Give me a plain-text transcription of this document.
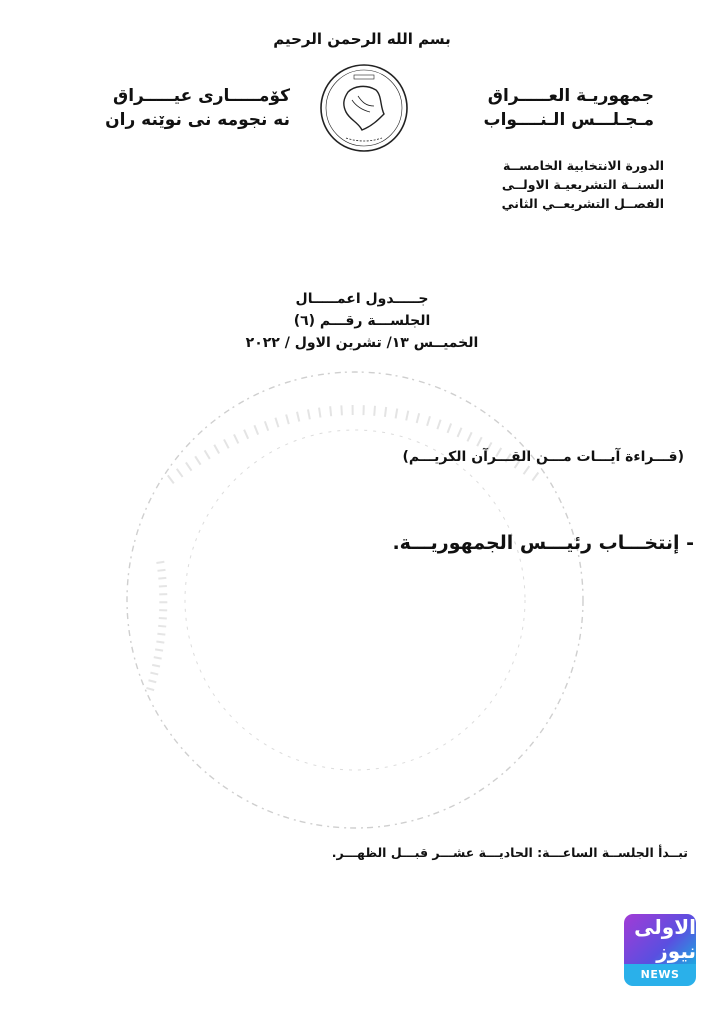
بسم الله الرحمن الرحيم
جمهوريـة العـــــراق
مـجـلـــس الـنــــواب
كۆمـــــارى عيـــــراق
نه نجومه نى نوێنه ران
الدورة الانتخابية الخامســة
السنــة التشريعيـة الاولــى
الفصــل التشريعــي الثاني
جـــــدول اعمـــــال
الجلســـة رقـــم (٦)
الخميــس ١٣/ تشرين الاول / ٢٠٢٢
(قـــراءة آيـــات مـــن القـــرآن الكريـــم)
- إنتخـــاب رئيـــس الجمهوريـــة.
تبــدأ الجلســة الساعـــة: الحاديـــة عشـــر قبـــل الظهـــر.
الاولى نيوز
NEWS
